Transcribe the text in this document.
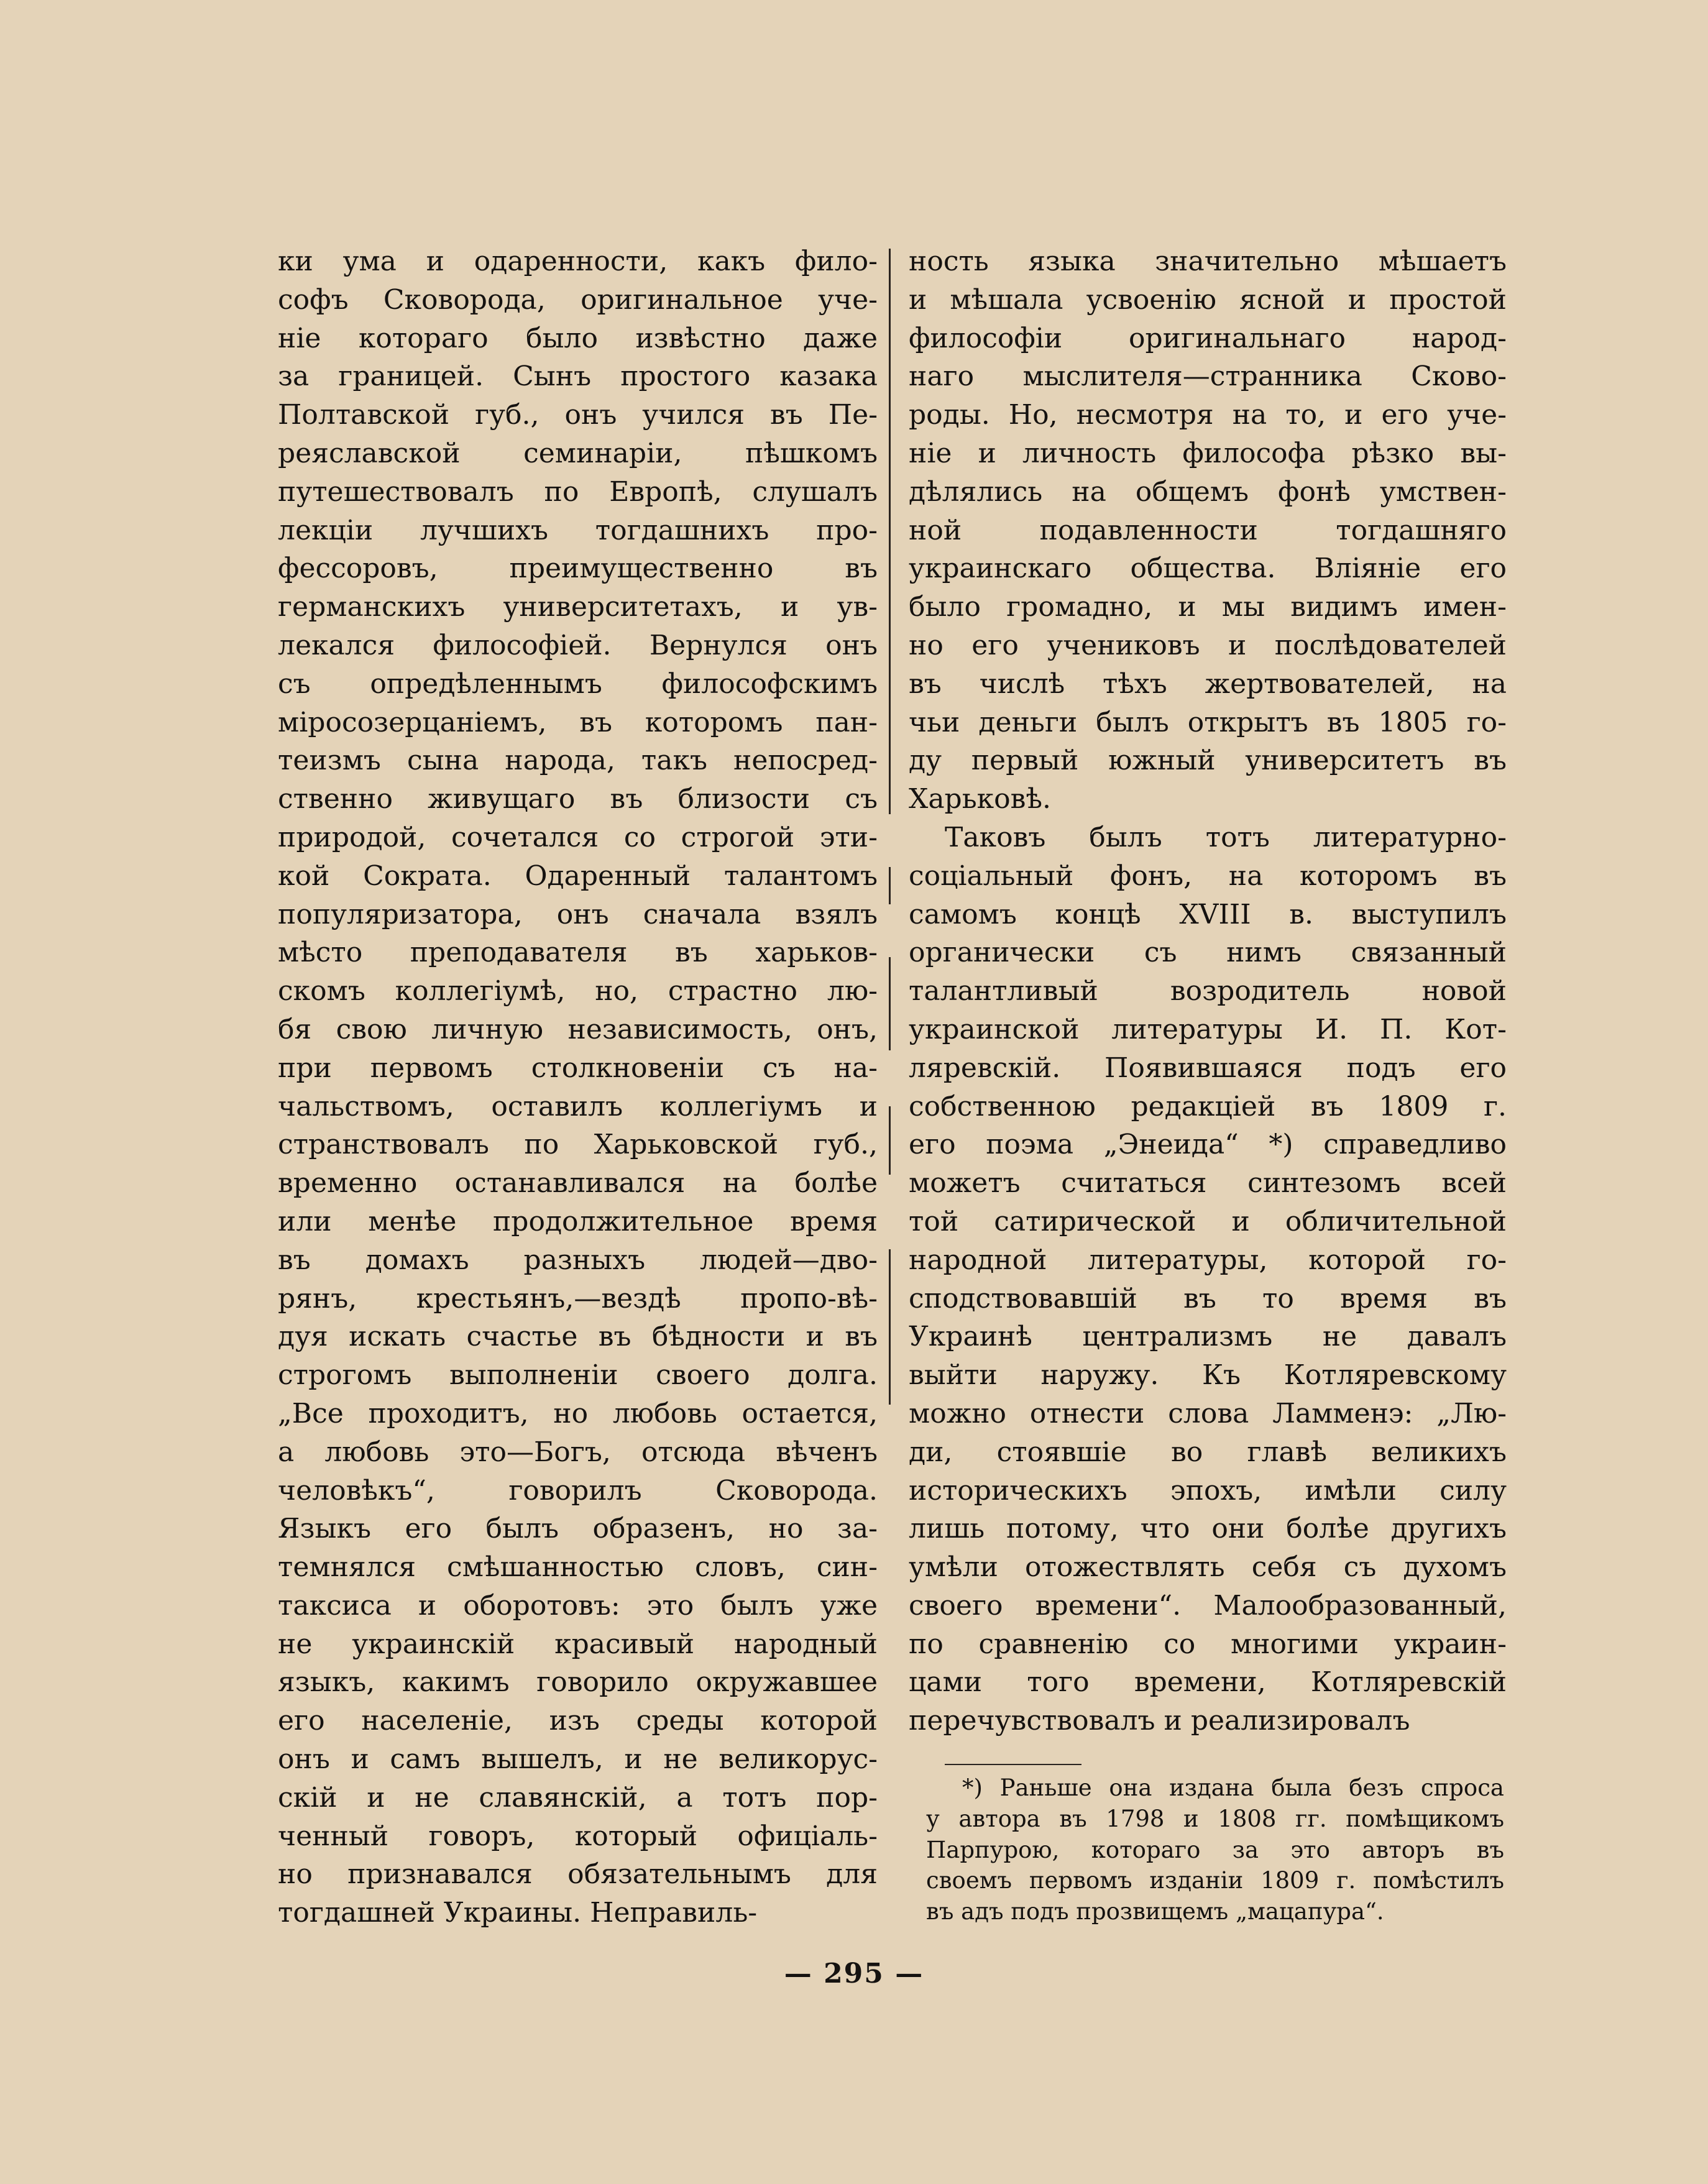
ки ума и одаренности, какъ фило-
софъ Сковорода, оригинальное уче-
ніе котораго было извѣстно даже
за границей. Сынъ простого казака
Полтавской губ., онъ учился въ Пе-
реяславской семинаріи, пѣшкомъ
путешествовалъ по Европѣ, слушалъ
лекціи лучшихъ тогдашнихъ про-
фессоровъ, преимущественно въ
германскихъ университетахъ, и ув-
лекался философіей. Вернулся онъ
съ опредѣленнымъ философскимъ
міросозерцаніемъ, въ которомъ пан-
теизмъ сына народа, такъ непосред-
ственно живущаго въ близости съ
природой, сочетался со строгой эти-
кой Сократа. Одаренный талантомъ
популяризатора, онъ сначала взялъ
мѣсто преподавателя въ харьков-
скомъ коллегіумѣ, но, страстно лю-
бя свою личную независимость, онъ,
при первомъ столкновеніи съ на-
чальствомъ, оставилъ коллегіумъ и
странствовалъ по Харьковской губ.,
временно останавливался на болѣе
или менѣе продолжительное время
въ домахъ разныхъ людей—дво-
рянъ, крестьянъ,—вездѣ пропо-вѣ-
дуя искать счастье въ бѣдности и въ
строгомъ выполненіи своего долга.
„Все проходитъ, но любовь остается,
а любовь это—Богъ, отсюда вѣченъ
человѣкъ“, говорилъ Сковорода.
Языкъ его былъ образенъ, но за-
темнялся смѣшанностью словъ, син-
таксиса и оборотовъ: это былъ уже
не украинскій красивый народный
языкъ, какимъ говорило окружавшее
его населеніе, изъ среды которой
онъ и самъ вышелъ, и не великорус-
скій и не славянскій, а тотъ пор-
ченный говоръ, который офиціаль-
но признавался обязательнымъ для
тогдашней Украины. Неправиль-
ность языка значительно мѣшаетъ
и мѣшала усвоенію ясной и простой
философіи оригинальнаго народ-
наго мыслителя—странника Сково-
роды. Но, несмотря на то, и его уче-
ніе и личность философа рѣзко вы-
дѣлялись на общемъ фонѣ умствен-
ной подавленности тогдашняго
украинскаго общества. Вліяніе его
было громадно, и мы видимъ имен-
но его учениковъ и послѣдователей
въ числѣ тѣхъ жертвователей, на
чьи деньги былъ открытъ въ 1805 го-
ду первый южный университетъ въ
Харьковѣ.
Таковъ былъ тотъ литературно-
соціальный фонъ, на которомъ въ
самомъ концѣ XVIII в. выступилъ
органически съ нимъ связанный
талантливый возродитель новой
украинской литературы И. П. Кот-
ляревскій. Появившаяся подъ его
собственною редакціей въ 1809 г.
его поэма „Энеида“ *) справедливо
можетъ считаться синтезомъ всей
той сатирической и обличительной
народной литературы, которой го-
сподствовавшій въ то время въ
Украинѣ централизмъ не давалъ
выйти наружу. Къ Котляревскому
можно отнести слова Ламменэ: „Лю-
ди, стоявшіе во главѣ великихъ
историческихъ эпохъ, имѣли силу
лишь потому, что они болѣе другихъ
умѣли отожествлять себя съ духомъ
своего времени“. Малообразованный,
по сравненію со многими украин-
цами того времени, Котляревскій
перечувствовалъ и реализировалъ
*) Раньше она издана была безъ спроса
у автора въ 1798 и 1808 гг. помѣщикомъ
Парпурою, котораго за это авторъ въ
своемъ первомъ изданіи 1809 г. помѣстилъ
въ адъ подъ прозвищемъ „мацапура“.
— 295 —
